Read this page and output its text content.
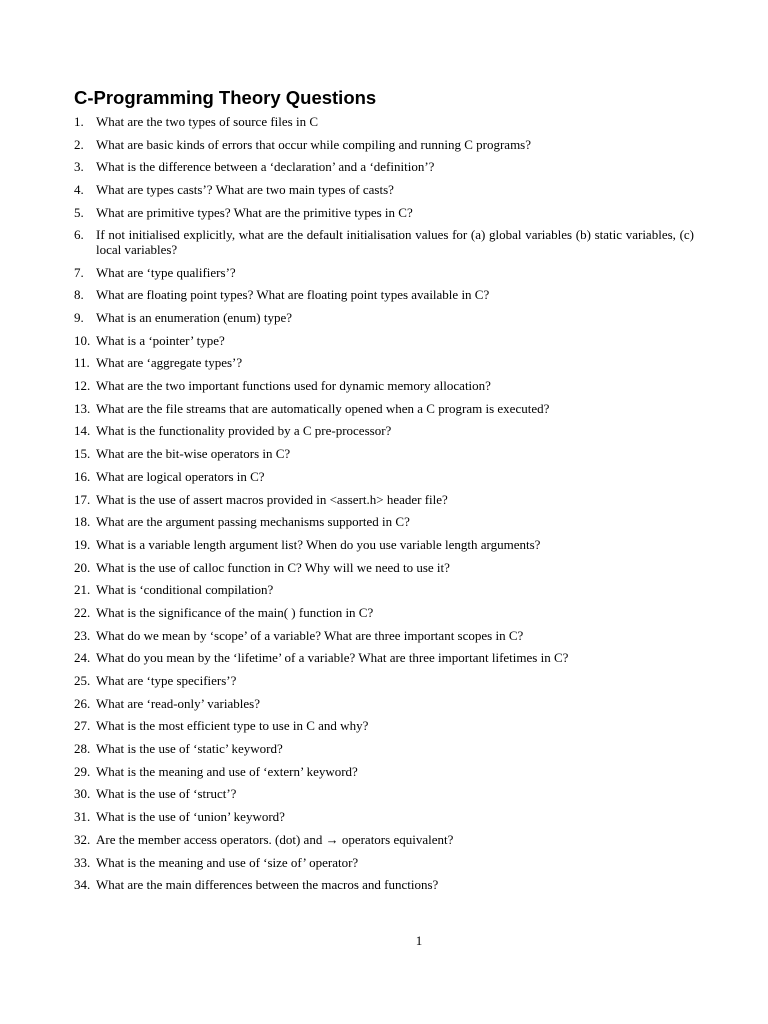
C-Programming Theory Questions
1. What are the two types of source files in C
2. What are basic kinds of errors that occur while compiling and running C programs?
3. What is the difference between a ‘declaration’ and a ‘definition’?
4. What are types casts’? What are two main types of casts?
5. What are primitive types? What are the primitive types in C?
6. If not initialised explicitly, what are the default initialisation values for (a) global variables (b) static variables, (c) local variables?
7. What are ‘type qualifiers’?
8. What are floating point types? What are floating point types available in C?
9. What is an enumeration (enum) type?
10. What is a ‘pointer’ type?
11. What are ‘aggregate types’?
12. What are the two important functions used for dynamic memory allocation?
13. What are the file streams that are automatically opened when a C program is executed?
14. What is the functionality provided by a C pre-processor?
15. What are the bit-wise operators in C?
16. What are logical operators in C?
17. What is the use of assert macros provided in <assert.h> header file?
18. What are the argument passing mechanisms supported in C?
19. What is a variable length argument list? When do you use variable length arguments?
20. What is the use of calloc function in C? Why will we need to use it?
21. What is ‘conditional compilation?
22. What is the significance of the main( ) function in C?
23. What do we mean by ‘scope’ of a variable? What are three important scopes in C?
24. What do you mean by the ‘lifetime’ of a variable? What are three important lifetimes in C?
25. What are ‘type specifiers’?
26. What are ‘read-only’ variables?
27. What is the most efficient type to use in C and why?
28. What is the use of ‘static’ keyword?
29. What is the meaning and use of ‘extern’ keyword?
30. What is the use of ‘struct’?
31. What is the use of ‘union’ keyword?
32. Are the member access operators. (dot) and → operators equivalent?
33. What is the meaning and use of ‘size of’ operator?
34. What are the main differences between the macros and functions?
1
